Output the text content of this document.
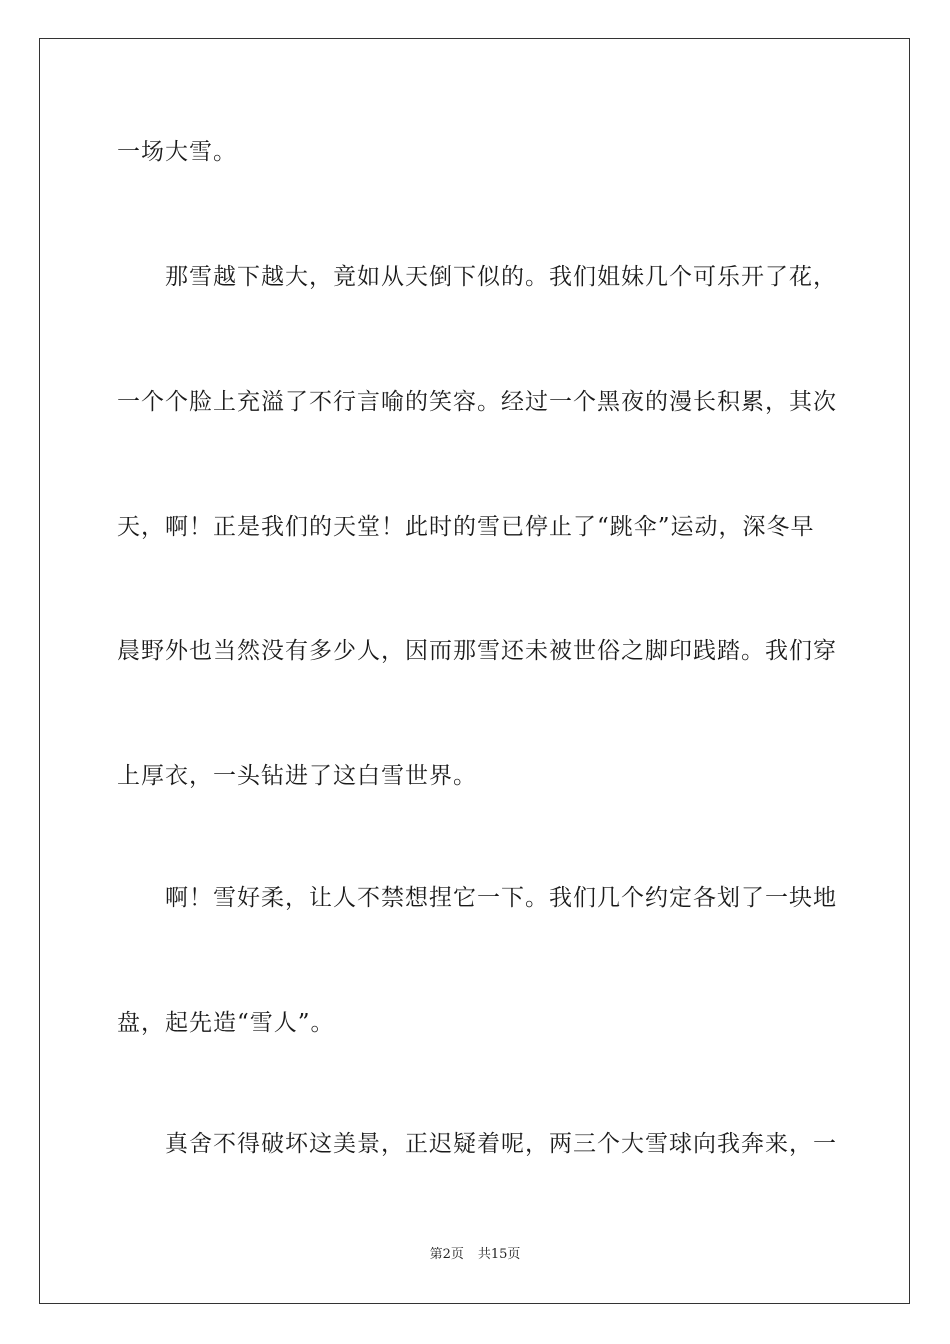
一场大雪。
那雪越下越大，竟如从天倒下似的。我们姐妹几个可乐开了花，
一个个脸上充溢了不行言喻的笑容。经过一个黑夜的漫长积累，其次
天，啊！正是我们的天堂！此时的雪已停止了“跳伞”运动，深冬早
晨野外也当然没有多少人，因而那雪还未被世俗之脚印践踏。我们穿
上厚衣，一头钻进了这白雪世界。
啊！雪好柔，让人不禁想捏它一下。我们几个约定各划了一块地
盘，起先造“雪人”。
真舍不得破坏这美景，正迟疑着呢，两三个大雪球向我奔来，一
第2页 共15页
